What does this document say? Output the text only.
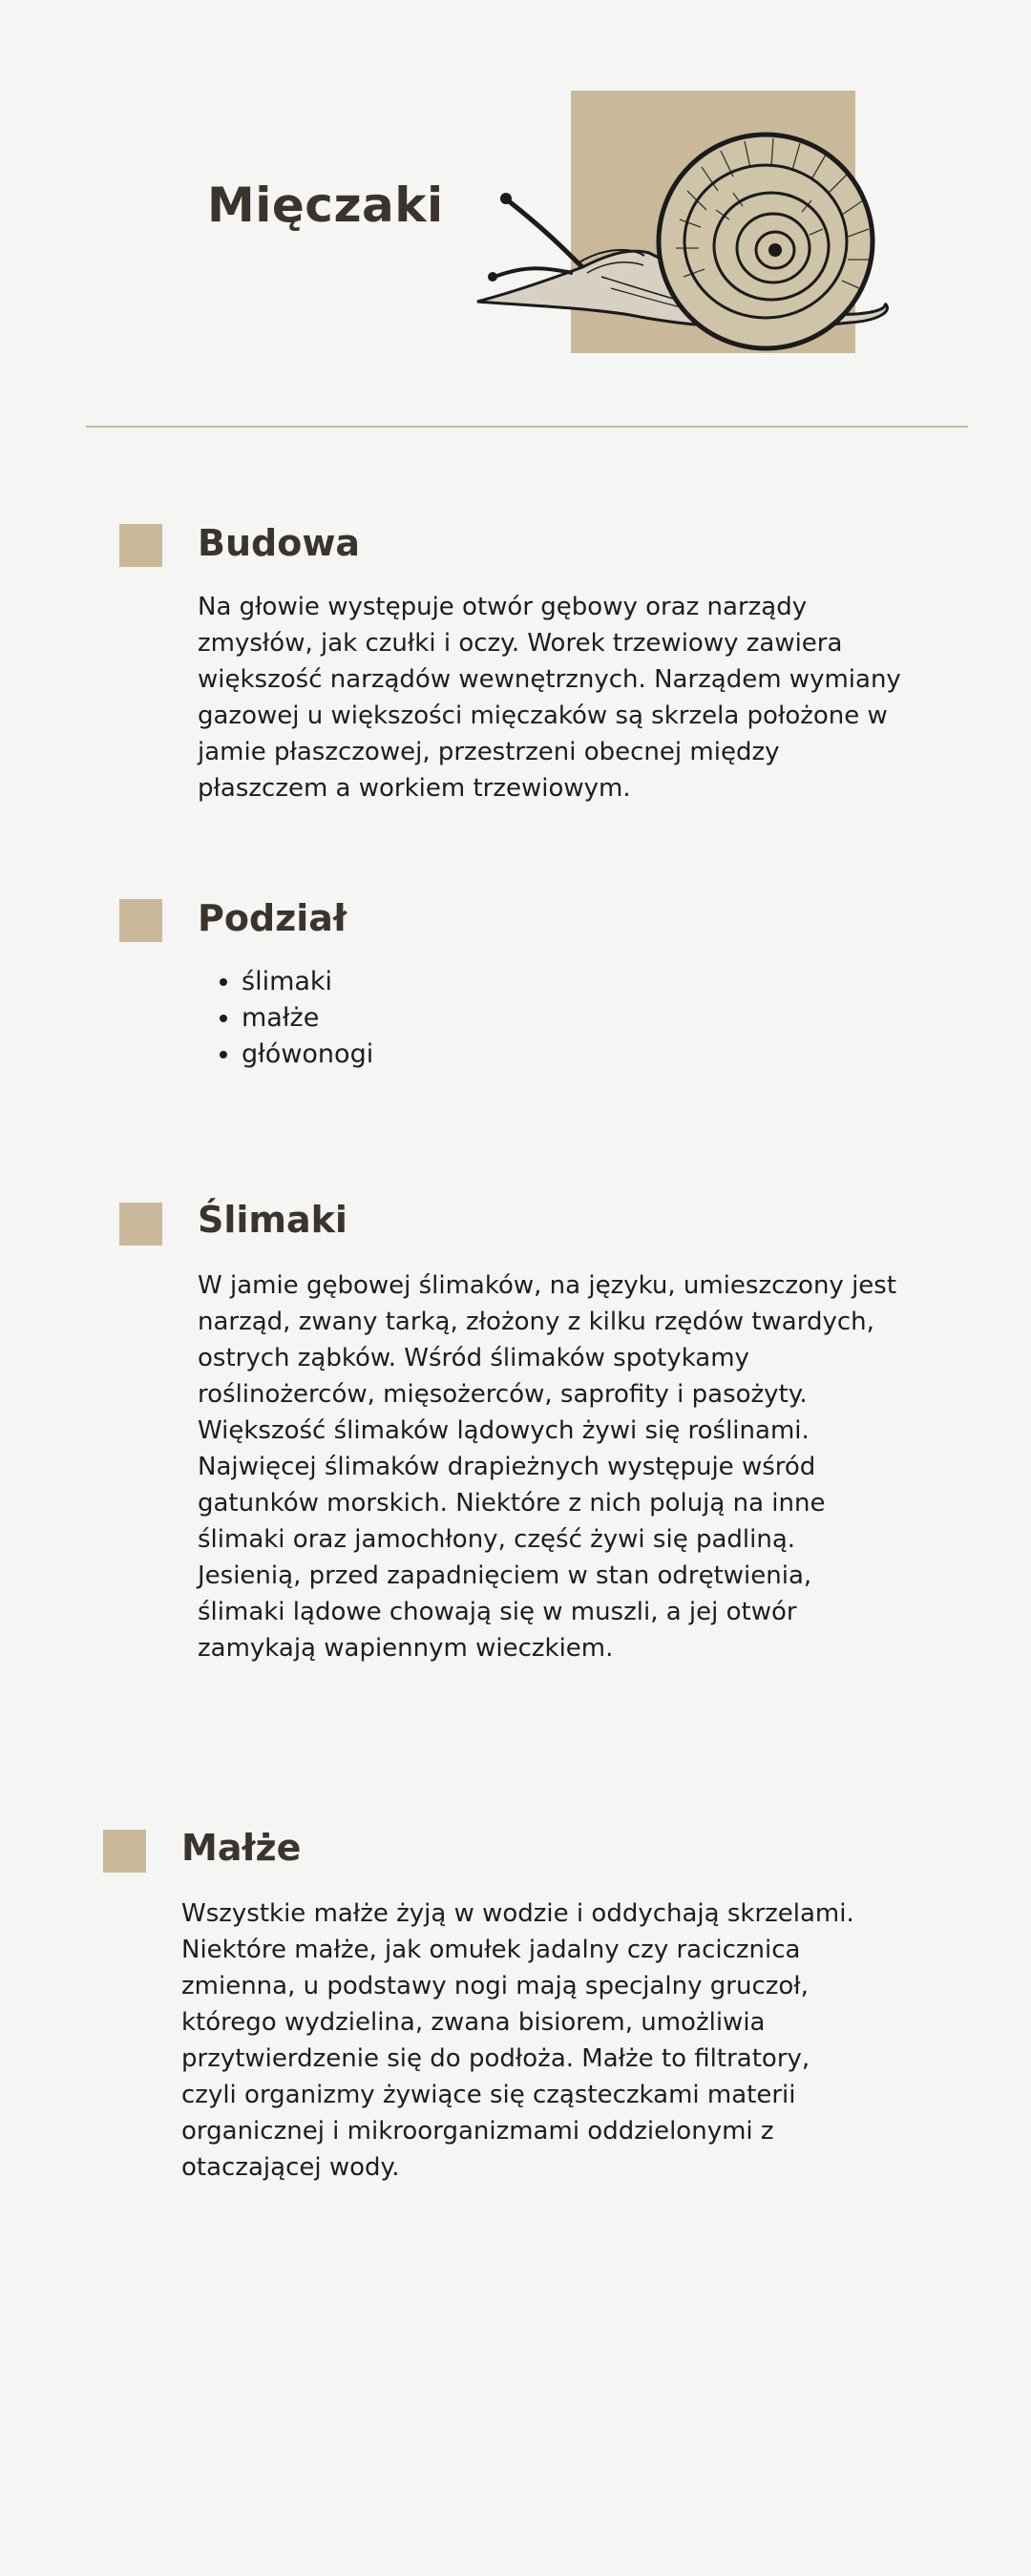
Mięczaki
Budowa

Na głowie występuje otwór gębowy oraz narządy zmysłów, jak czułki i oczy. Worek trzewiowy zawiera większość narządów wewnętrznych. Narządem wymiany gazowej u większości mięczaków są skrzela położone w jamie płaszczowej, przestrzeni obecnej między płaszczem a workiem trzewiowym.

Podział
• ślimaki
• małże
• główonogi
Ślimaki

W jamie gębowej ślimaków, na języku, umieszczony jest narząd, zwany tarką, złożony z kilku rzędów twardych, ostrych ząbków. Wśród ślimaków spotykamy roślinożerców, mięsożerców, saprofity i pasożyty. Większość ślimaków lądowych żywi się roślinami.

Najwięcej ślimaków drapieżnych występuje wśród gatunków morskich. Niektóre z nich polują na inne ślimaki oraz jamochłony, część żywi się padliną. Jesienią, przed zapadnięciem w stan odrętwienia, ślimaki lądowe chowają się w muszli, a jej otwór zamykają wapiennym wieczkiem.

Małże

Wszystkie małże żyją w wodzie i oddychają skrzelami. Niektóre małże, jak omułek jadalny czy racicznica zmienna, u podstawy nogi mają specjalny gruczoł, którego wydzielina, zwana bisiorem, umożliwia przytwierdzenie się do podłoża. Małże to filtratory, czyli organizmy żywiące się cząsteczkami materii organicznej i mikroorganizmami oddzielonymi z otaczającej wody.
